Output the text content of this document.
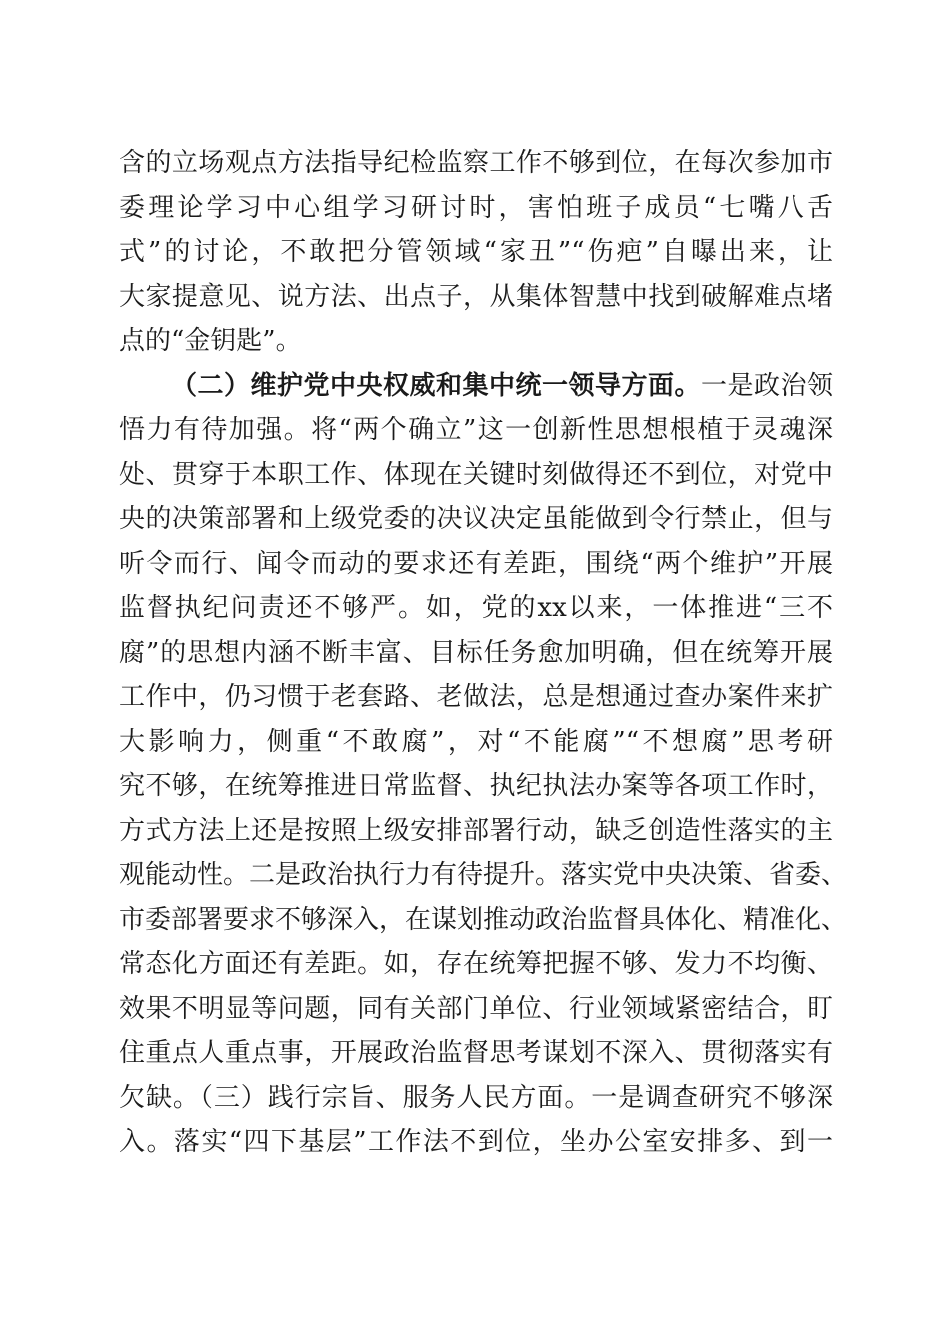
含的立场观点方法指导纪检监察工作不够到位，在每次参加市
委理论学习中心组学习研讨时，害怕班子成员“七嘴八舌
式”的讨论，不敢把分管领域“家丑”“伤疤”自曝出来，让
大家提意见、说方法、出点子，从集体智慧中找到破解难点堵
点的“金钥匙”。
（二）维护党中央权威和集中统一领导方面。一是政治领
悟力有待加强。将“两个确立”这一创新性思想根植于灵魂深
处、贯穿于本职工作、体现在关键时刻做得还不到位，对党中
央的决策部署和上级党委的决议决定虽能做到令行禁止，但与
听令而行、闻令而动的要求还有差距，围绕“两个维护”开展
监督执纪问责还不够严。如，党的xx以来，一体推进“三不
腐”的思想内涵不断丰富、目标任务愈加明确，但在统筹开展
工作中，仍习惯于老套路、老做法，总是想通过查办案件来扩
大影响力，侧重“不敢腐”，对“不能腐”“不想腐”思考研
究不够，在统筹推进日常监督、执纪执法办案等各项工作时，
方式方法上还是按照上级安排部署行动，缺乏创造性落实的主
观能动性。二是政治执行力有待提升。落实党中央决策、省委、
市委部署要求不够深入，在谋划推动政治监督具体化、精准化、
常态化方面还有差距。如，存在统筹把握不够、发力不均衡、
效果不明显等问题，同有关部门单位、行业领域紧密结合，盯
住重点人重点事，开展政治监督思考谋划不深入、贯彻落实有
欠缺。（三）践行宗旨、服务人民方面。一是调查研究不够深
入。落实“四下基层”工作法不到位，坐办公室安排多、到一
